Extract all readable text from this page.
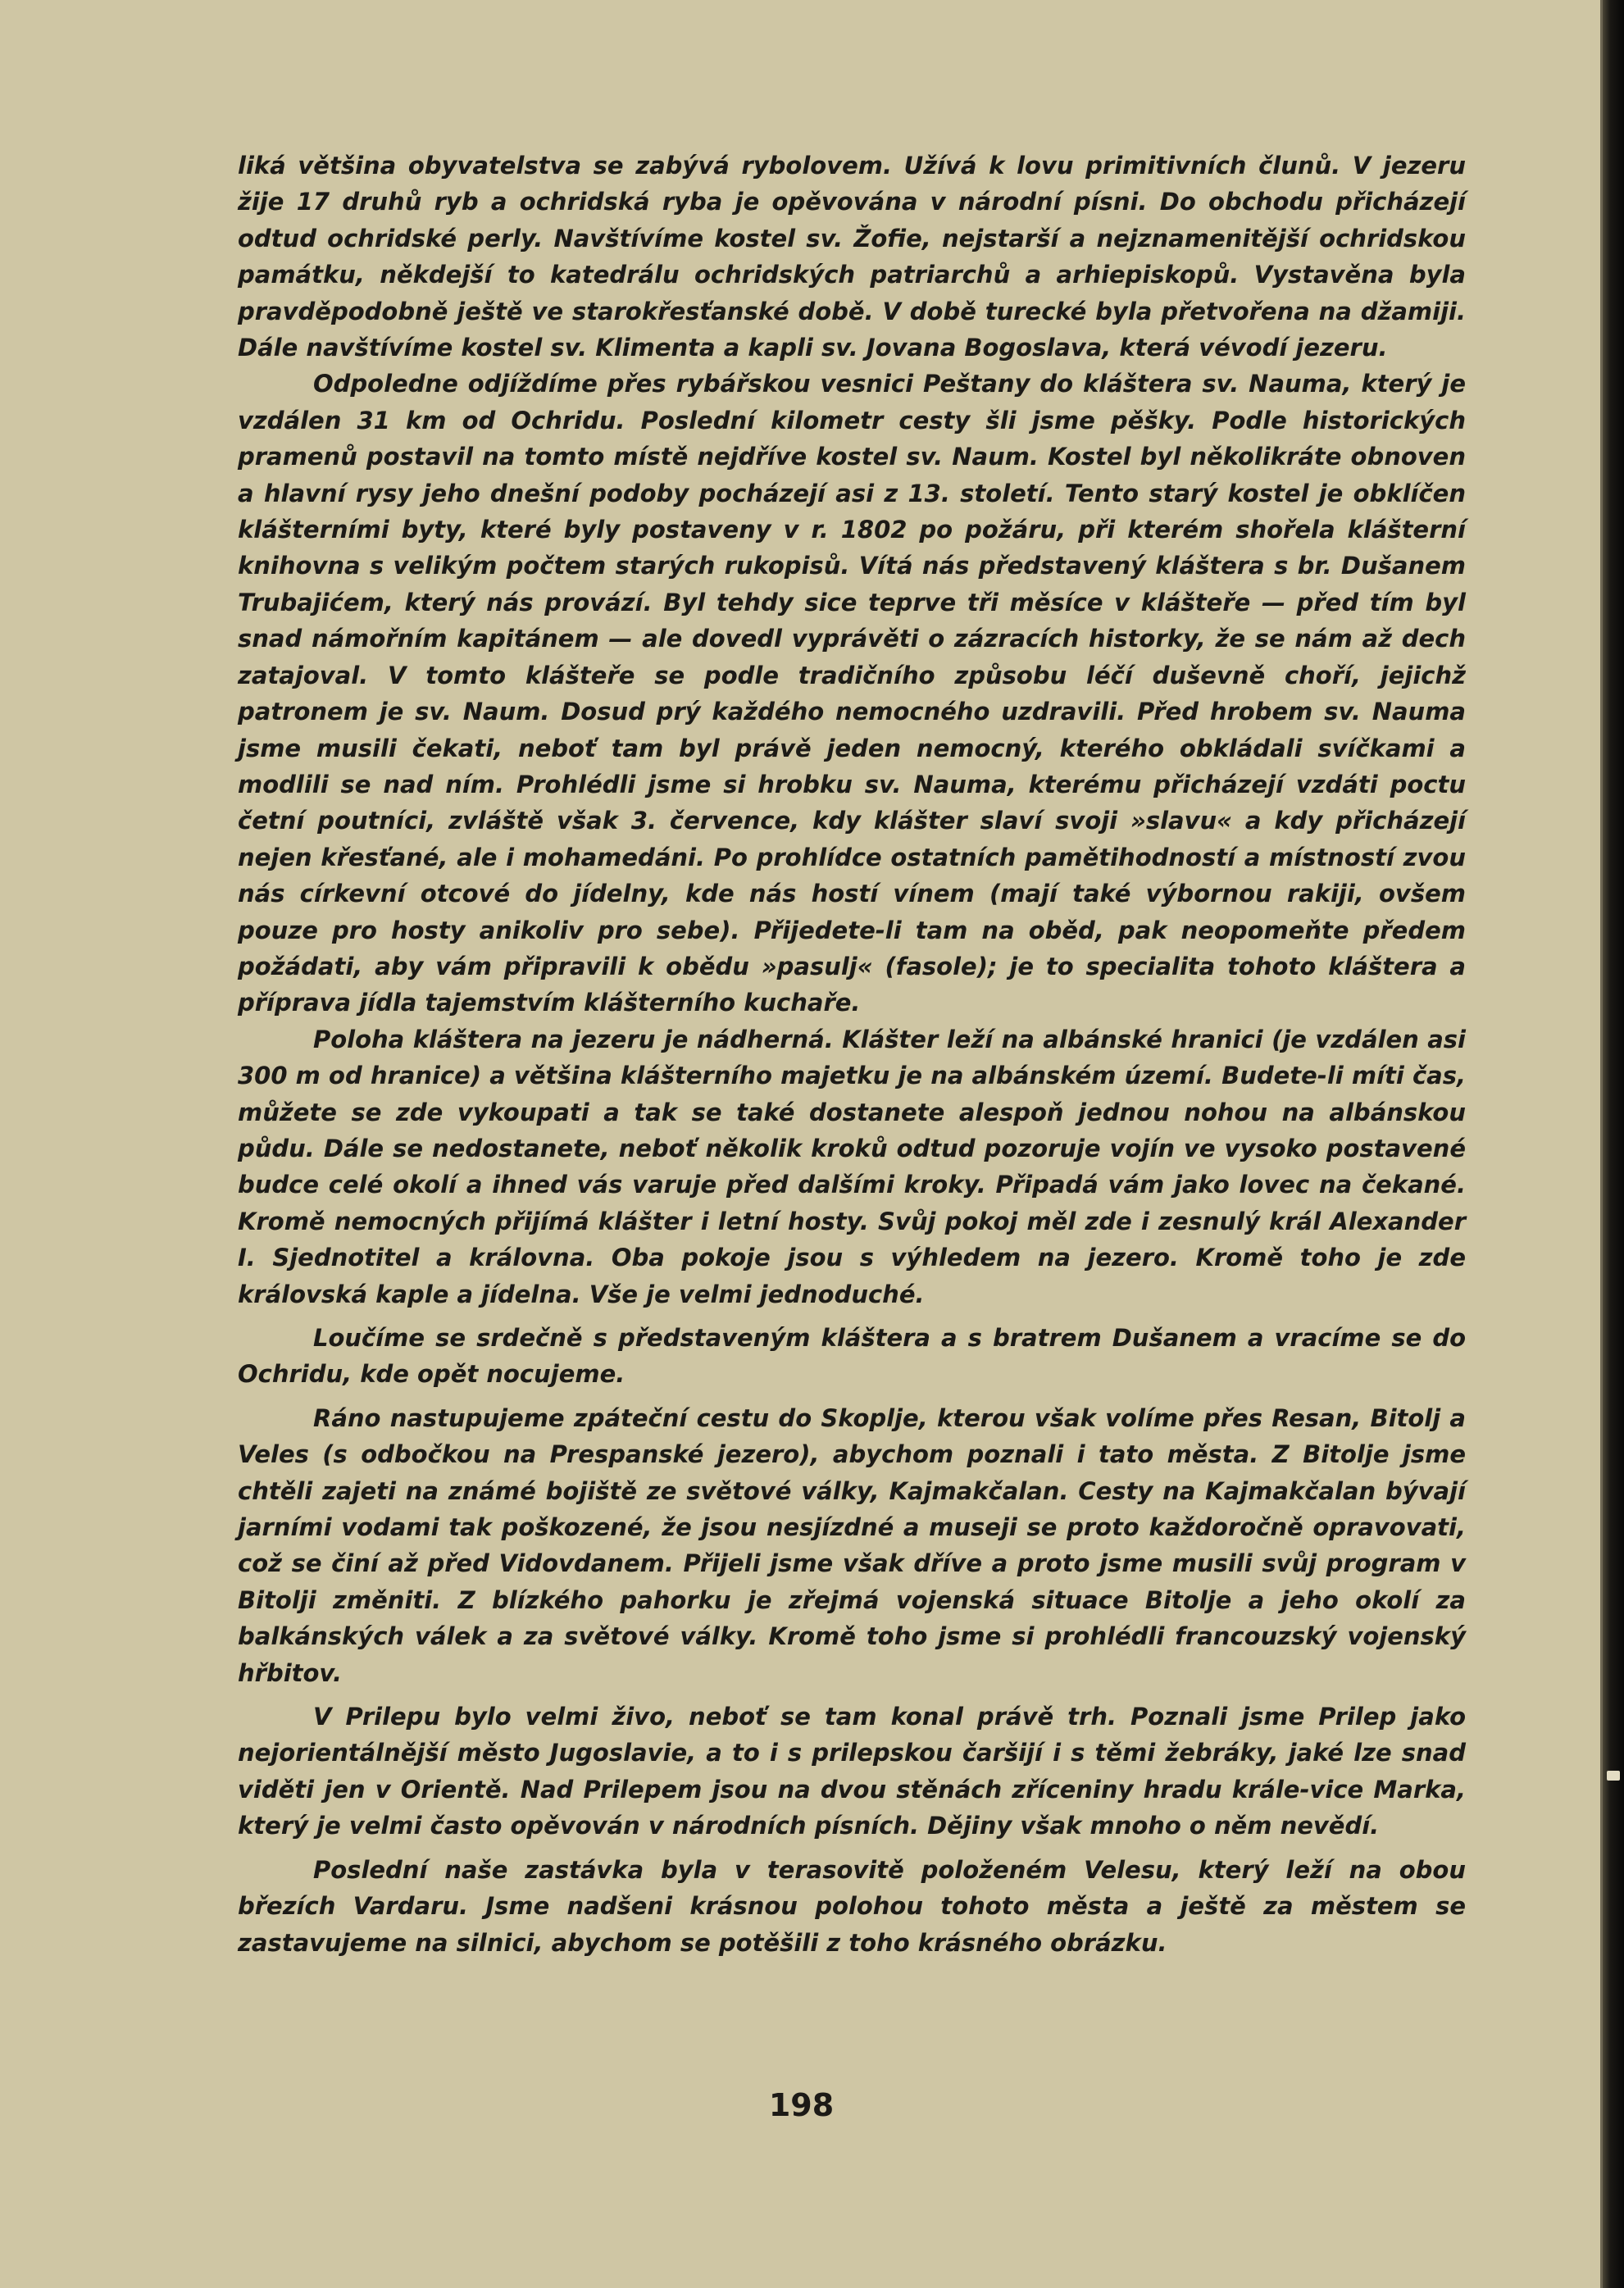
liká většina obyvatelstva se zabývá rybolovem. Užívá k lovu primitivních člunů. V jezeru žije 17 druhů ryb a ochridská ryba je opěvována v národní písni. Do obchodu přicházejí odtud ochridské perly. Navštívíme kostel sv. Žofie, nejstarší a nejznamenitější ochridskou památku, někdejší to katedrálu ochridských patriarchů a arhiepiskopů. Vystavěna byla pravděpodobně ještě ve starokřesťanské době. V době turecké byla přetvořena na džamiji. Dále navštívíme kostel sv. Klimenta a kapli sv. Jovana Bogoslava, která vévodí jezeru.

Odpoledne odjíždíme přes rybářskou vesnici Peštany do kláštera sv. Nauma, který je vzdálen 31 km od Ochridu. Poslední kilometr cesty šli jsme pěšky. Podle historických pramenů postavil na tomto místě nejdříve kostel sv. Naum. Kostel byl několikráte obnoven a hlavní rysy jeho dnešní podoby pocházejí asi z 13. století. Tento starý kostel je obklíčen klášterními byty, které byly postaveny v r. 1802 po požáru, při kterém shořela klášterní knihovna s velikým počtem starých rukopisů. Vítá nás představený kláštera s br. Dušanem Trubajićem, který nás provází. Byl tehdy sice teprve tři měsíce v klášteře — před tím byl snad námořním kapitánem — ale dovedl vyprávěti o zázracích historky, že se nám až dech zatajoval. V tomto klášteře se podle tradičního způsobu léčí duševně choří, jejichž patronem je sv. Naum. Dosud prý každého nemocného uzdravili. Před hrobem sv. Nauma jsme musili čekati, neboť tam byl právě jeden nemocný, kterého obkládali svíčkami a modlili se nad ním. Prohlédli jsme si hrobku sv. Nauma, kterému přicházejí vzdáti poctu četní poutníci, zvláště však 3. července, kdy klášter slaví svoji »slavu« a kdy přicházejí nejen křesťané, ale i mohamedáni. Po prohlídce ostatních pamětihodností a místností zvou nás církevní otcové do jídelny, kde nás hostí vínem (mají také výbornou rakiji, ovšem pouze pro hosty anikoliv pro sebe). Přijedete-li tam na oběd, pak neopomeňte předem požádati, aby vám připravili k obědu »pasulj« (fasole); je to specialita tohoto kláštera a příprava jídla tajemstvím klášterního kuchaře.

Poloha kláštera na jezeru je nádherná. Klášter leží na albánské hranici (je vzdálen asi 300 m od hranice) a většina klášterního majetku je na albánském území. Budete-li míti čas, můžete se zde vykoupati a tak se také dostanete alespoň jednou nohou na albánskou půdu. Dále se nedostanete, neboť několik kroků odtud pozoruje vojín ve vysoko postavené budce celé okolí a ihned vás varuje před dalšími kroky. Připadá vám jako lovec na čekané. Kromě nemocných přijímá klášter i letní hosty. Svůj pokoj měl zde i zesnulý král Alexander I. Sjednotitel a královna. Oba pokoje jsou s výhledem na jezero. Kromě toho je zde královská kaple a jídelna. Vše je velmi jednoduché.

Loučíme se srdečně s představeným kláštera a s bratrem Dušanem a vracíme se do Ochridu, kde opět nocujeme.

Ráno nastupujeme zpáteční cestu do Skoplje, kterou však volíme přes Resan, Bitolj a Veles (s odbočkou na Prespanské jezero), abychom poznali i tato města. Z Bitolje jsme chtěli zajeti na známé bojiště ze světové války, Kajmakčalan. Cesty na Kajmakčalan bývají jarními vodami tak poškozené, že jsou nesjízdné a museji se proto každoročně opravovati, což se činí až před Vidovdanem. Přijeli jsme však dříve a proto jsme musili svůj program v Bitolji změniti. Z blízkého pahorku je zřejmá vojenská situace Bitolje a jeho okolí za balkánských válek a za světové války. Kromě toho jsme si prohlédli francouzský vojenský hřbitov.

V Prilepu bylo velmi živo, neboť se tam konal právě trh. Poznali jsme Prilep jako nejorientálnější město Jugoslavie, a to i s prilepskou čaršijí i s těmi žebráky, jaké lze snad viděti jen v Orientě. Nad Prilepem jsou na dvou stěnách zříceniny hradu krále-vice Marka, který je velmi často opěvován v národních písních. Dějiny však mnoho o něm nevědí.

Poslední naše zastávka byla v terasovitě položeném Velesu, který leží na obou březích Vardaru. Jsme nadšeni krásnou polohou tohoto města a ještě za městem se zastavujeme na silnici, abychom se potěšili z toho krásného obrázku.

198
